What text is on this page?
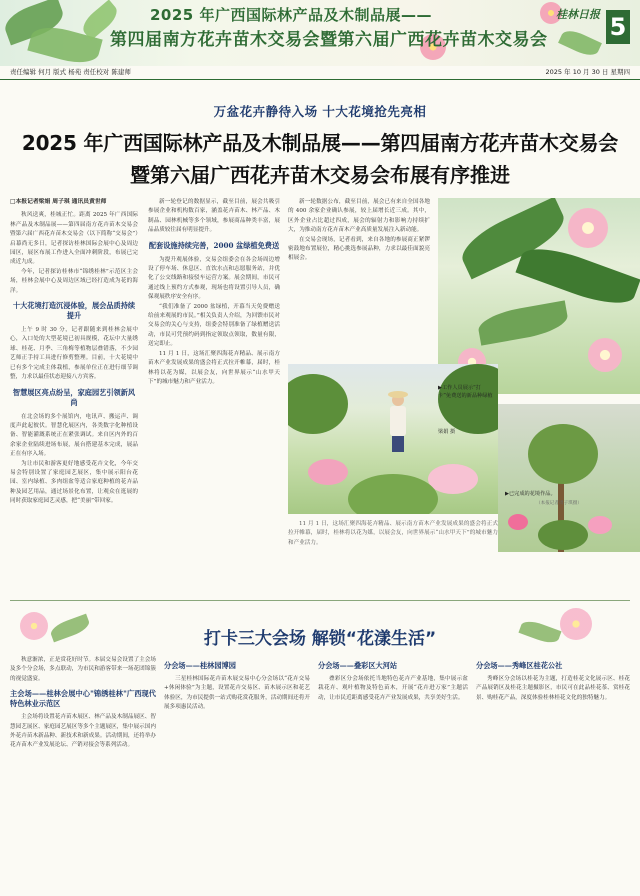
2025 年广西国际林产品及木制品展——
第四届南方花卉苗木交易会暨第六届广西花卉苗木交易会
桂林日报 5
责任编辑 何月 版式 杨苑 责任校对 陈建师	2025 年 10 月 30 日 星期四
万盆花卉静待入场 十大花境抢先亮相
2025 年广西国际林产品及木制品展——第四届南方花卉苗木交易会
暨第六届广西花卉苗木交易会布展有序推进

□本报记者梁娟 周子琪 通讯员黄世师

秋风送爽，桂城正忙。距离 2025 年广西国际林产品及木制品展——第四届南方花卉苗木交易会暨第六届广西花卉苗木交易会（以下简称“交易会”）启幕尚无多日，记者探访桂林国际会展中心及周边园区，展区布展工作进入全面冲刺阶段，布展已完成近九成。

今年，记者探访桂林市“锦绣桂林”示范区主会场，桂林会展中心及周边区域已经打造成为花的海洋。

十大花境打造沉浸体验，展会品质持续提升

上午 9 时 30 分，记者跟随来到桂林会展中心，入口处的大型花境已初具规模，花坛中大量绣球、桂花、月季、三角梅等植物层叠错落，不少园艺师正手持工具进行修剪整理。目前，十大花境中已有多个完成主体栽植，参展单位正在进行细节调整，力求以最佳状态迎接八方宾客。

智慧展区亮点纷呈，家庭园艺引领新风尚

在北会场的多个展馆内，电讯声、搬运声、调度声此起彼伏。智慧化展区内，各类数字化种植设备、智能灌溉系统正在紧张调试。来自区内外的百余家企业陆续进场布展，展台搭建基本完成，展品正在有序入场。

为让市民和游客更好地感受花卉文化，今年交易会特别设置了家庭园艺展区，集中展示阳台花园、室内绿植、多肉组盆等适合家庭种植的花卉品种及园艺用品，通过场景化布置，让观众在逛展的同时获取家庭园艺灵感，把“美丽”带回家。

新一轮登记的数据显示，截至目前，展会共吸引参展企业和机构数百家，涵盖花卉苗木、林产品、木制品、园林机械等多个领域，参展商品种类丰富，展品品质较往届有明显提升。

配套设施持续完善，2000 盆绿植免费送

为提升观展体验，交易会组委会在各会场周边增设了停车场、休息区、直饮水点和志愿服务站，并优化了公交线路和接驳车运营方案。展会期间，市民可通过线上预约方式参观，现场也将设置引导人员，确保观展秩序安全有序。

“我们准备了 2000 盆绿植，开幕当天免费赠送给前来观展的市民。”相关负责人介绍，为回馈市民对交易会的关心与支持，组委会特别准备了绿植赠送活动，市民可凭预约码到指定领取点领取，数量有限，送完即止。

11 月 1 日，这场汇聚四海花卉精品、展示南方苗木产业发展成果的盛会将正式拉开帷幕，届时，桂林将以花为媒，以展会友，向世界展示“山水甲天下”的城市魅力和产业活力。

新一轮数据公布，截至目前，展会已有来自全国各地的 400 余家企业确认参展，较上届增长近三成。其中，区外企业占比超过四成，展会的辐射力和影响力持续扩大，为推动南方花卉苗木产业高质量发展注入新动能。

在交易会现场，记者看到，来自各地的参展商正紧锣密鼓地布置展位，精心挑选参展品种，力求以最佳面貌亮相展会。

▶工作人员展示“打卡”免费送的新品种绿植
梁娟 摄
▶已完成的花境作品。
（本报记者周子琪摄）

11 月 1 日，这场汇聚四海花卉精品、展示南方苗木产业发展成果的盛会将正式拉开帷幕，届时，桂林将以花为媒，以展会友，向世界展示“山水甲天下”的城市魅力和产业活力。

打卡三大会场 解锁“花漾生活”

秋意渐浓，正是赏花好时节。本届交易会设置了主会场及多个分会场，多点联动，为市民和游客带来一场花团锦簇的视觉盛宴。

主会场——桂林会展中心"锦绣桂林"广西现代特色林业示范区

主会场将设置花卉苗木展区、林产品及木制品展区、智慧园艺展区、家庭园艺展区等多个主题展区，集中展示国内外花卉苗木新品种、新技术和新成果。活动期间，还将举办花卉苗木产业发展论坛、产销对接会等系列活动。

分会场——桂林园博园

三星桂林国际花卉苗木展交易中心分会场以“花卉交易+休闲体验”为主题，设置花卉交易区、苗木展示区和花艺体验区，为市民提供一站式购花赏花服务，活动期间还将开展多项惠民活动。

分会场——叠彩区大河站

叠彩区分会场依托当地特色花卉产业基地，集中展示盆栽花卉、观叶植物及特色苗木，开展“花卉进万家”主题活动，让市民近距离感受花卉产业发展成果，共享美好生活。

分会场——秀峰区桂花公社

秀峰区分会场以桂花为主题，打造桂花文化展示区、桂花产品展销区及桂花主题摄影区，市民可在此品桂花茶、赏桂花景、购桂花产品，深度体验桂林桂花文化的独特魅力。
